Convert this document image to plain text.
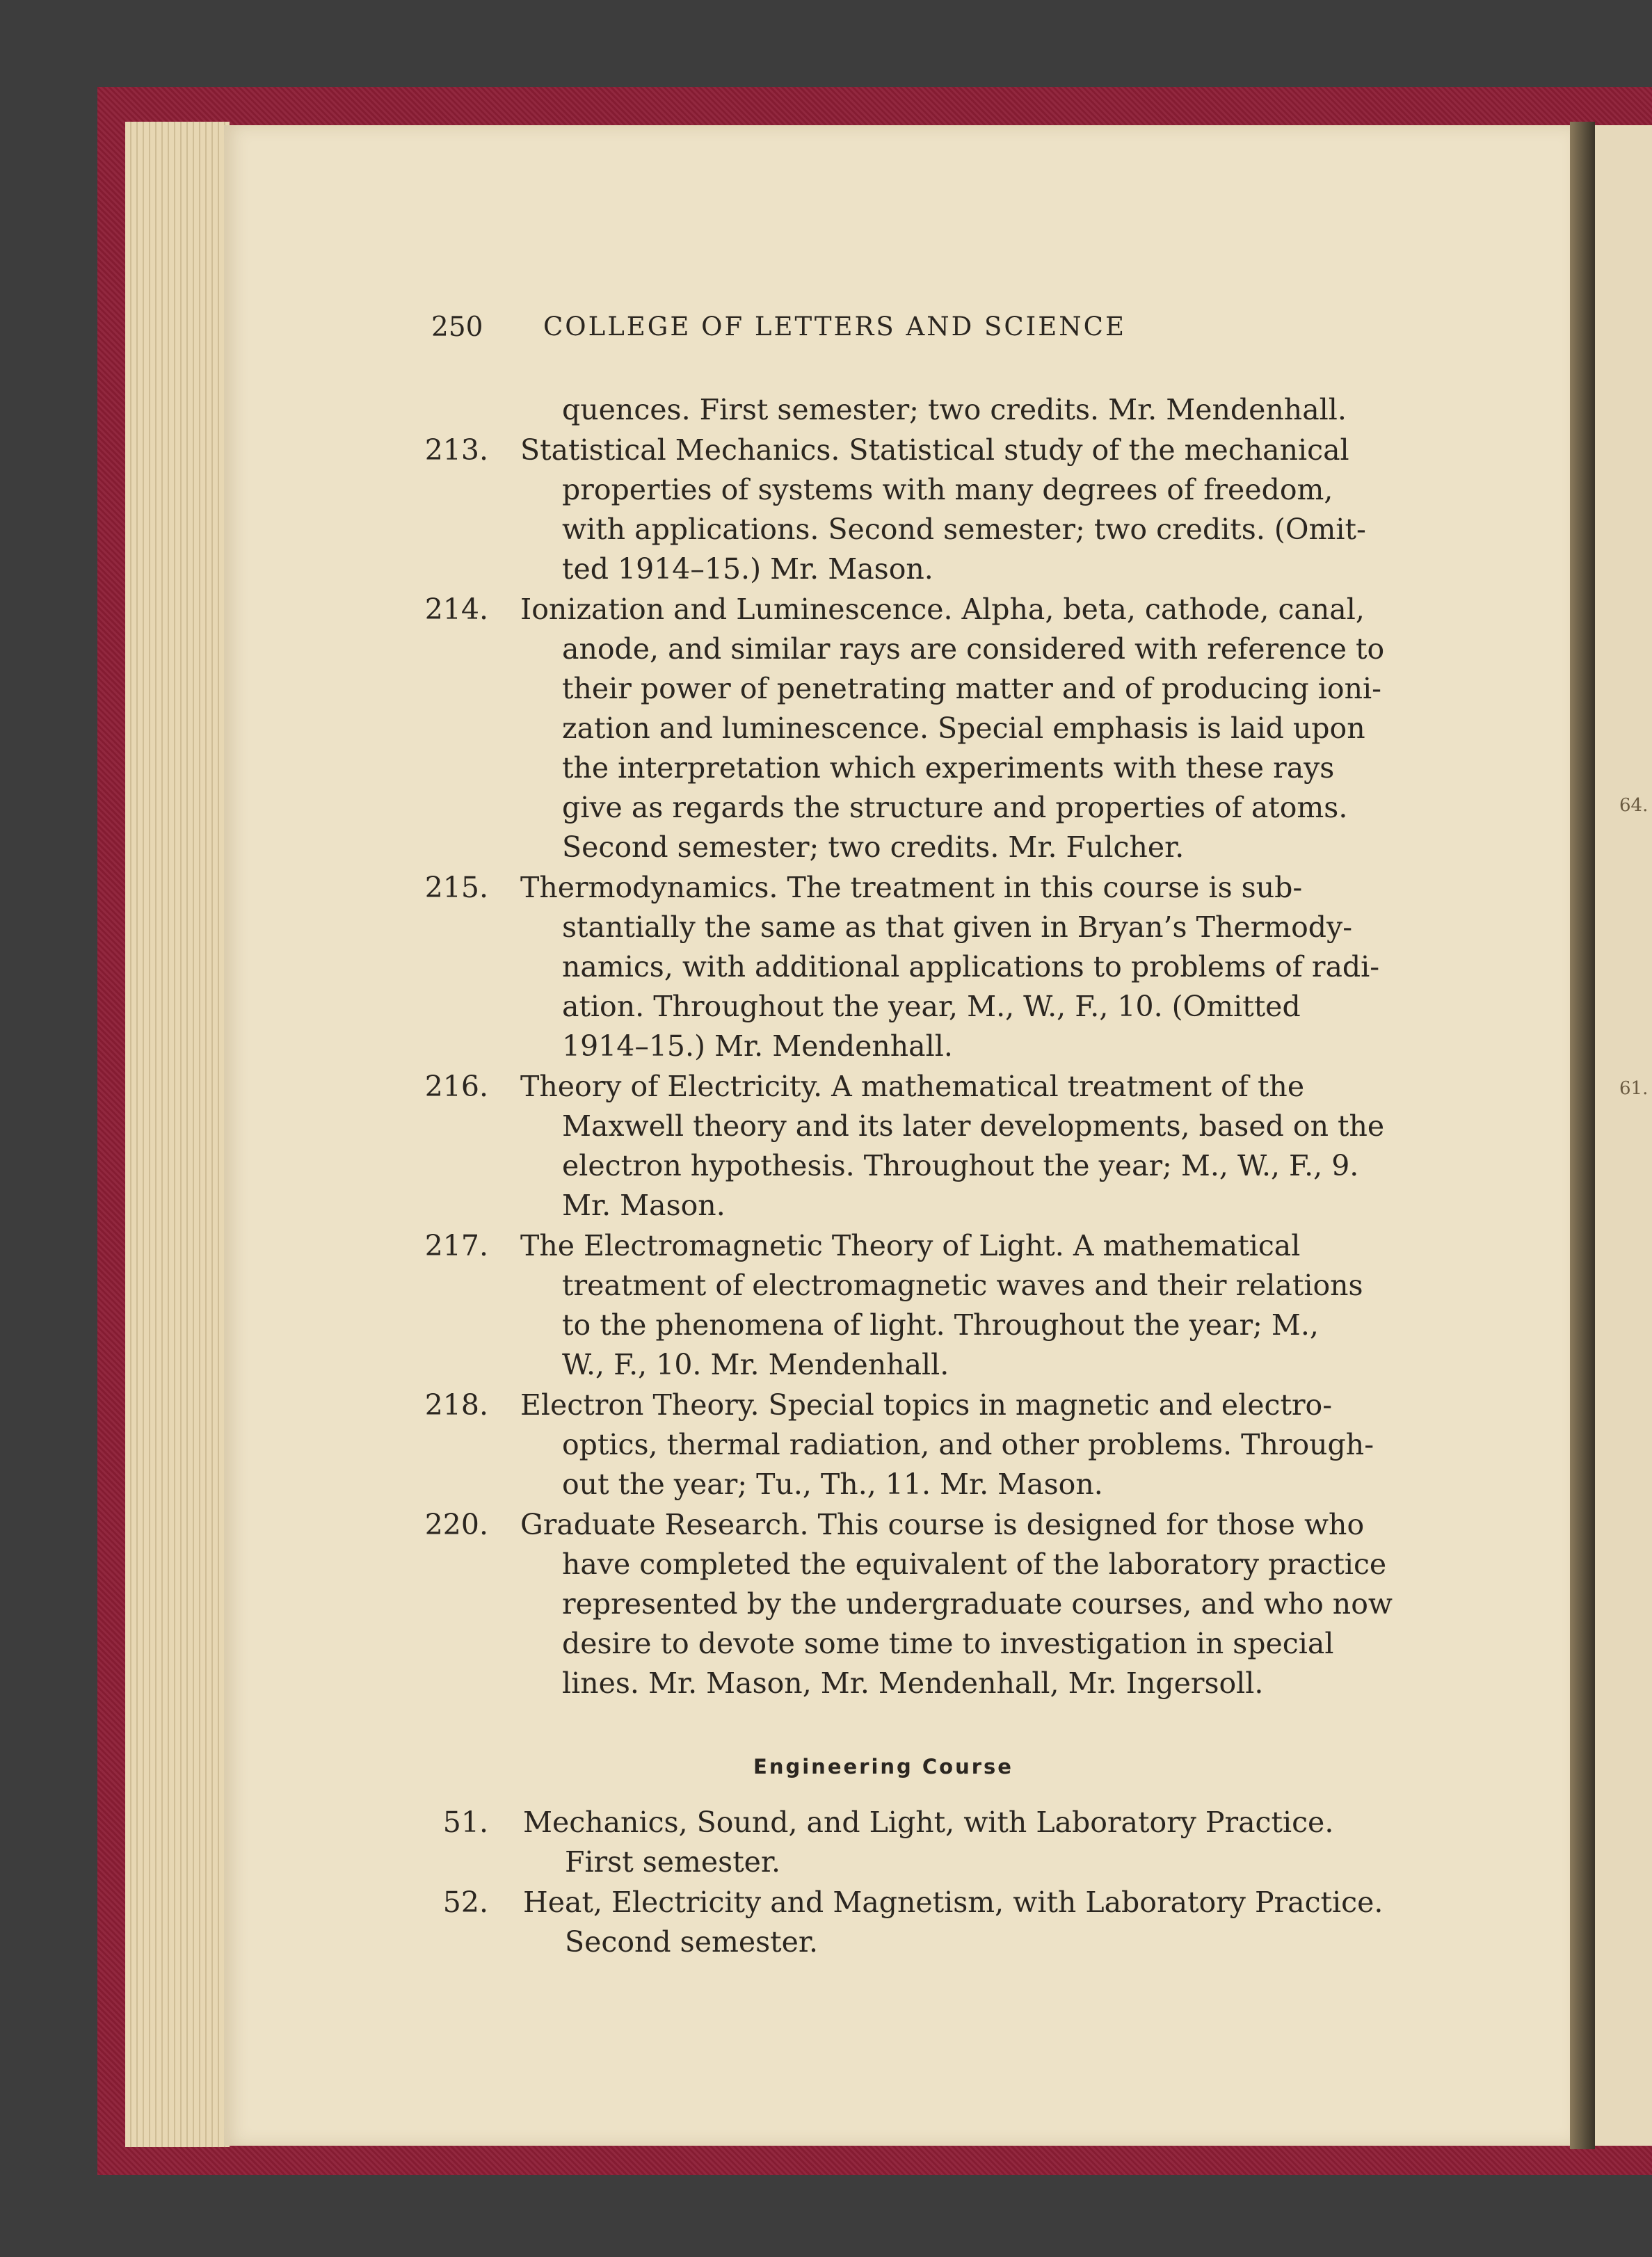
64.
61.
250	COLLEGE OF LETTERS AND SCIENCE
quences. First semester; two credits. Mr. Mendenhall.
213. Statistical Mechanics. Statistical study of the mechanical
properties of systems with many degrees of freedom,
with applications. Second semester; two credits. (Omit-
ted 1914–15.) Mr. Mason.
214. Ionization and Luminescence. Alpha, beta, cathode, canal,
anode, and similar rays are considered with reference to
their power of penetrating matter and of producing ioni-
zation and luminescence. Special emphasis is laid upon
the interpretation which experiments with these rays
give as regards the structure and properties of atoms.
Second semester; two credits. Mr. Fulcher.
215. Thermodynamics. The treatment in this course is sub-
stantially the same as that given in Bryan’s Thermody-
namics, with additional applications to problems of radi-
ation. Throughout the year, M., W., F., 10. (Omitted
1914–15.) Mr. Mendenhall.
216. Theory of Electricity. A mathematical treatment of the
Maxwell theory and its later developments, based on the
electron hypothesis. Throughout the year; M., W., F., 9.
Mr. Mason.
217. The Electromagnetic Theory of Light. A mathematical
treatment of electromagnetic waves and their relations
to the phenomena of light. Throughout the year; M.,
W., F., 10. Mr. Mendenhall.
218. Electron Theory. Special topics in magnetic and electro-
optics, thermal radiation, and other problems. Through-
out the year; Tu., Th., 11. Mr. Mason.
220. Graduate Research. This course is designed for those who
have completed the equivalent of the laboratory practice
represented by the undergraduate courses, and who now
desire to devote some time to investigation in special
lines. Mr. Mason, Mr. Mendenhall, Mr. Ingersoll.
Engineering Course
51. Mechanics, Sound, and Light, with Laboratory Practice.
First semester.
52. Heat, Electricity and Magnetism, with Laboratory Practice.
Second semester.
